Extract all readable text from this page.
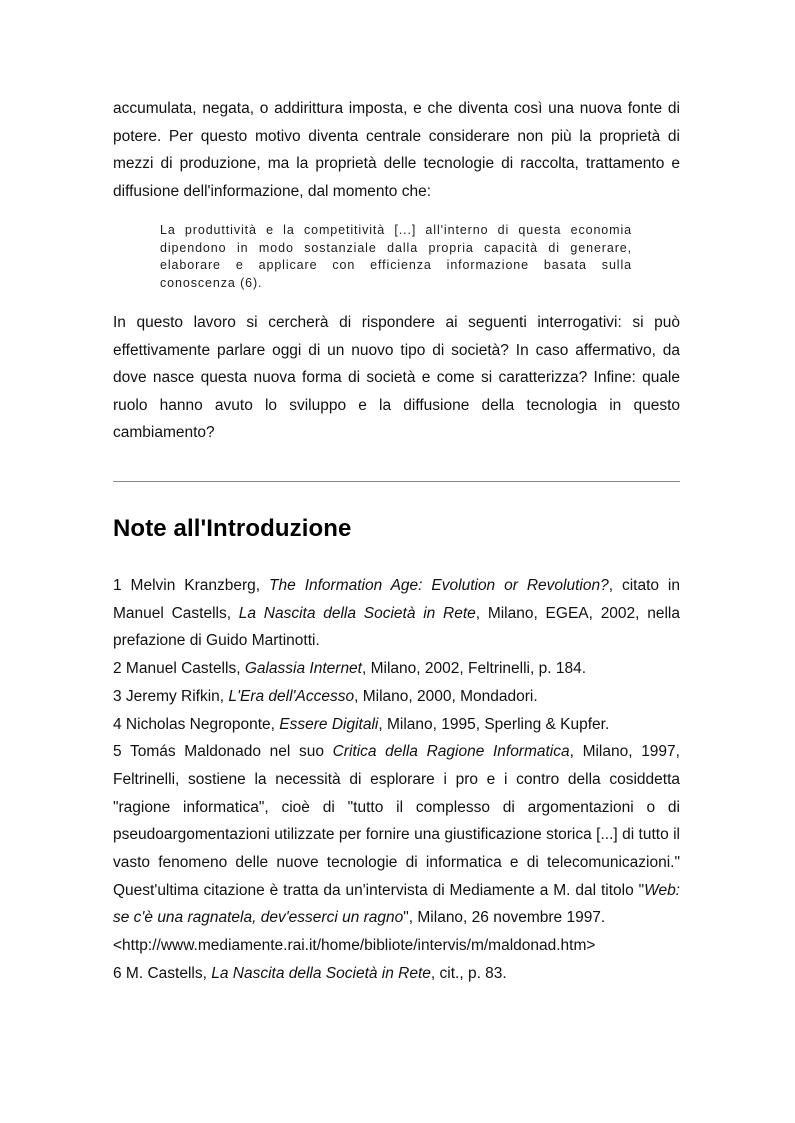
accumulata, negata, o addirittura imposta, e che diventa così una nuova fonte di potere. Per questo motivo diventa centrale considerare non più la proprietà di mezzi di produzione, ma la proprietà delle tecnologie di raccolta, trattamento e diffusione dell'informazione, dal momento che:

La produttività e la competitività [...] all'interno di questa economia dipendono in modo sostanziale dalla propria capacità di generare, elaborare e applicare con efficienza informazione basata sulla conoscenza (6).

In questo lavoro si cercherà di rispondere ai seguenti interrogativi: si può effettivamente parlare oggi di un nuovo tipo di società? In caso affermativo, da dove nasce questa nuova forma di società e come si caratterizza? Infine: quale ruolo hanno avuto lo sviluppo e la diffusione della tecnologia in questo cambiamento?

Note all'Introduzione

1 Melvin Kranzberg, The Information Age: Evolution or Revolution?, citato in Manuel Castells, La Nascita della Società in Rete, Milano, EGEA, 2002, nella prefazione di Guido Martinotti.

2 Manuel Castells, Galassia Internet, Milano, 2002, Feltrinelli, p. 184.

3 Jeremy Rifkin, L'Era dell'Accesso, Milano, 2000, Mondadori.

4 Nicholas Negroponte, Essere Digitali, Milano, 1995, Sperling & Kupfer.

5 Tomás Maldonado nel suo Critica della Ragione Informatica, Milano, 1997, Feltrinelli, sostiene la necessità di esplorare i pro e i contro della cosiddetta "ragione informatica", cioè di "tutto il complesso di argomentazioni o di pseudoargomentazioni utilizzate per fornire una giustificazione storica [...] di tutto il vasto fenomeno delle nuove tecnologie di informatica e di telecomunicazioni." Quest'ultima citazione è tratta da un'intervista di Mediamente a M. dal titolo "Web: se c'è una ragnatela, dev'esserci un ragno", Milano, 26 novembre 1997.

<http://www.mediamente.rai.it/home/bibliote/intervis/m/maldonad.htm>

6 M. Castells, La Nascita della Società in Rete, cit., p. 83.
